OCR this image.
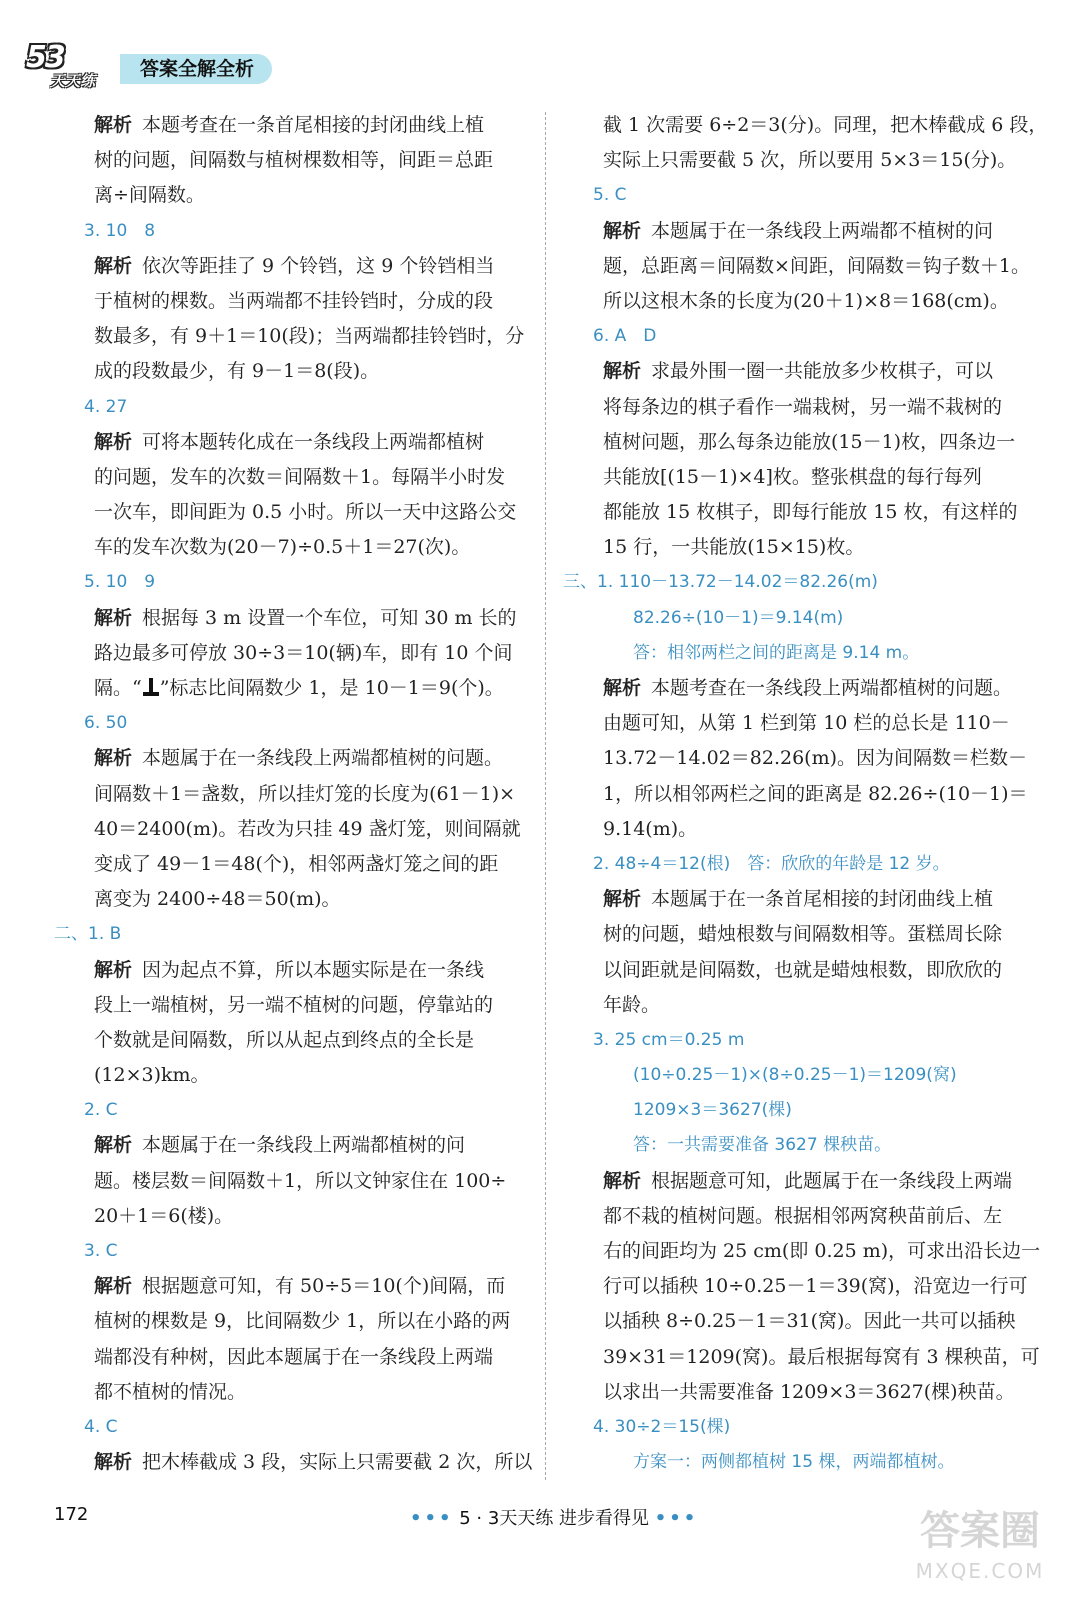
53
天天练
答案全解全析
解析 本题考查在一条首尾相接的封闭曲线上植
树的问题，间隔数与植树棵数相等，间距＝总距
离÷间隔数。
3. 10　8
解析 依次等距挂了 9 个铃铛，这 9 个铃铛相当
于植树的棵数。当两端都不挂铃铛时，分成的段
数最多，有 9＋1＝10(段)；当两端都挂铃铛时，分
成的段数最少，有 9－1＝8(段)。
4. 27
解析 可将本题转化成在一条线段上两端都植树
的问题，发车的次数＝间隔数＋1。每隔半小时发
一次车，即间距为 0.5 小时。所以一天中这路公交
车的发车次数为(20－7)÷0.5＋1＝27(次)。
5. 10　9
解析 根据每 3 m 设置一个车位，可知 30 m 长的
路边最多可停放 30÷3＝10(辆)车，即有 10 个间
隔。“ ”标志比间隔数少 1，是 10－1＝9(个)。
6. 50
解析 本题属于在一条线段上两端都植树的问题。
间隔数＋1＝盏数，所以挂灯笼的长度为(61－1)×
40＝2400(m)。若改为只挂 49 盏灯笼，则间隔就
变成了 49－1＝48(个)，相邻两盏灯笼之间的距
离变为 2400÷48＝50(m)。
二、1. B
解析 因为起点不算，所以本题实际是在一条线
段上一端植树，另一端不植树的问题，停靠站的
个数就是间隔数，所以从起点到终点的全长是
(12×3)km。
2. C
解析 本题属于在一条线段上两端都植树的问
题。楼层数＝间隔数＋1，所以文钟家住在 100÷
20＋1＝6(楼)。
3. C
解析 根据题意可知，有 50÷5＝10(个)间隔，而
植树的棵数是 9，比间隔数少 1，所以在小路的两
端都没有种树，因此本题属于在一条线段上两端
都不植树的情况。
4. C
解析 把木棒截成 3 段，实际上只需要截 2 次，所以
截 1 次需要 6÷2＝3(分)。同理，把木棒截成 6 段，
实际上只需要截 5 次，所以要用 5×3＝15(分)。
5. C
解析 本题属于在一条线段上两端都不植树的问
题，总距离＝间隔数×间距，间隔数＝钩子数＋1。
所以这根木条的长度为(20＋1)×8＝168(cm)。
6. A　D
解析 求最外围一圈一共能放多少枚棋子，可以
将每条边的棋子看作一端栽树，另一端不栽树的
植树问题，那么每条边能放(15－1)枚，四条边一
共能放[(15－1)×4]枚。整张棋盘的每行每列
都能放 15 枚棋子，即每行能放 15 枚，有这样的
15 行，一共能放(15×15)枚。
三、1. 110－13.72－14.02＝82.26(m)
82.26÷(10－1)＝9.14(m)
答：相邻两栏之间的距离是 9.14 m。
解析 本题考查在一条线段上两端都植树的问题。
由题可知，从第 1 栏到第 10 栏的总长是 110－
13.72－14.02＝82.26(m)。因为间隔数＝栏数－
1，所以相邻两栏之间的距离是 82.26÷(10－1)＝
9.14(m)。
2. 48÷4＝12(根)　答：欣欣的年龄是 12 岁。
解析 本题属于在一条首尾相接的封闭曲线上植
树的问题，蜡烛根数与间隔数相等。蛋糕周长除
以间距就是间隔数，也就是蜡烛根数，即欣欣的
年龄。
3. 25 cm＝0.25 m
(10÷0.25－1)×(8÷0.25－1)＝1209(窝)
1209×3＝3627(棵)
答：一共需要准备 3627 棵秧苗。
解析 根据题意可知，此题属于在一条线段上两端
都不栽的植树问题。根据相邻两窝秧苗前后、左
右的间距均为 25 cm(即 0.25 m)，可求出沿长边一
行可以插秧 10÷0.25－1＝39(窝)，沿宽边一行可
以插秧 8÷0.25－1＝31(窝)。因此一共可以插秧
39×31＝1209(窝)。最后根据每窝有 3 棵秧苗，可
以求出一共需要准备 1209×3＝3627(棵)秧苗。
4. 30÷2＝15(棵)
方案一：两侧都植树 15 棵，两端都植树。
172	••• 5 · 3天天练 进步看得见 •••	答案圈
MXQE.COM
